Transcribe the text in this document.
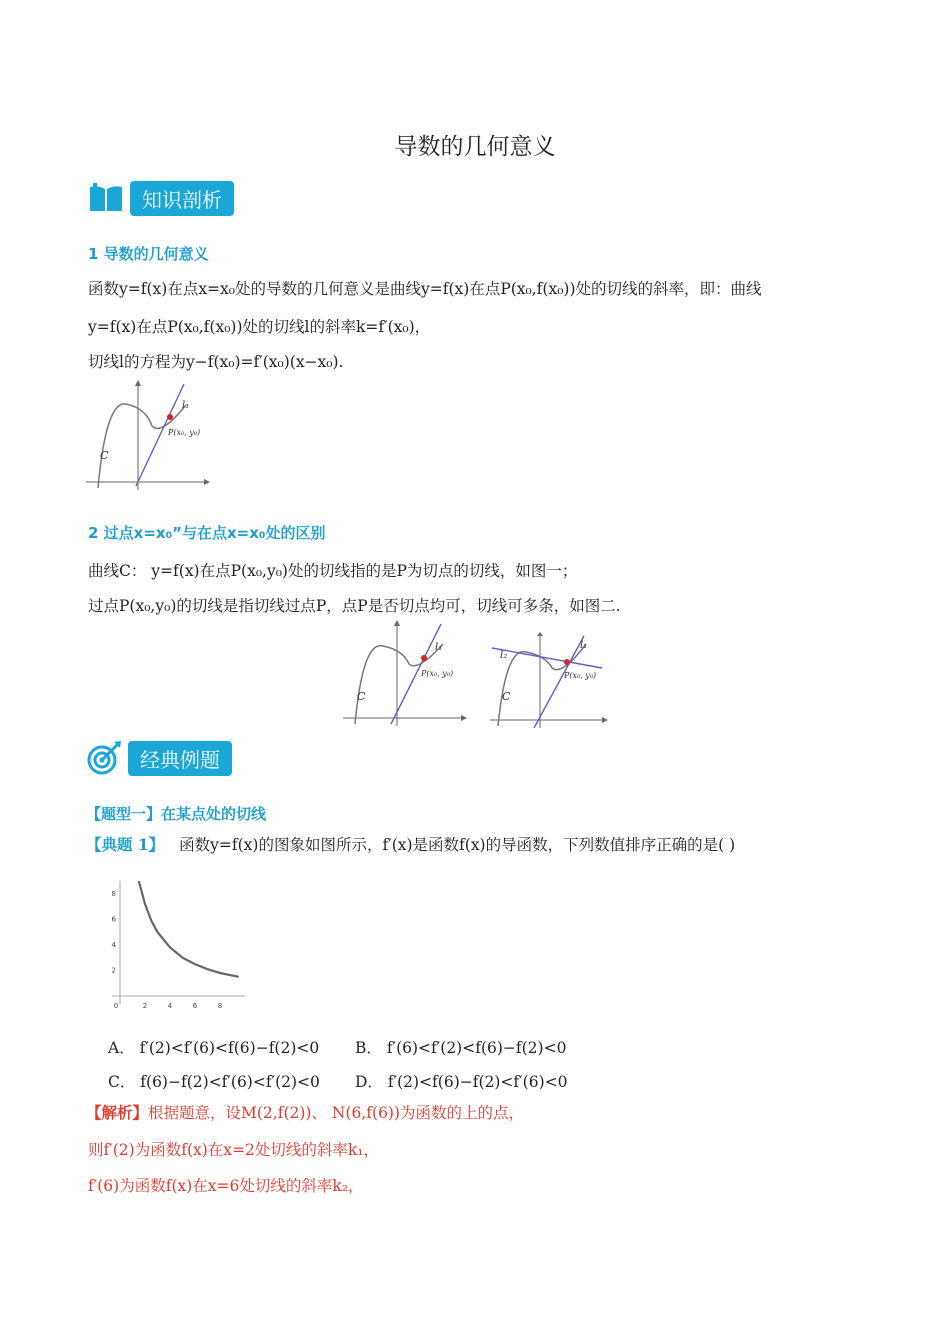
导数的几何意义
知识剖析
1 导数的几何意义
函数y=f(x)在点x=x₀处的导数的几何意义是曲线y=f(x)在点P(x₀,f(x₀))处的切线的斜率，即：曲线
y=f(x)在点P(x₀,f(x₀))处的切线l的斜率k=f′(x₀)，
切线l的方程为y−f(x₀)=f′(x₀)(x−x₀).
l₁
P(x₀, y₀)
C
2 过点x=x₀”与在点x=x₀处的区别
曲线C： y=f(x)在点P(x₀,y₀)处的切线指的是P为切点的切线，如图一；
过点P(x₀,y₀)的切线是指切线过点P，点P是否切点均可，切线可多条，如图二.
l₁
P(x₀, y₀)
C
l₁
l₂
P(x₀, y₀)
C
经典例题
【题型一】在某点处的切线
【典题 1】 函数y=f(x)的图象如图所示，f′(x)是函数f(x)的导函数，下列数值排序正确的是( )
0	2	4	6	8
2
4
6
8
A． f′(2)<f′(6)<f(6)−f(2)<0 B． f′(6)<f′(2)<f(6)−f(2)<0
C． f(6)−f(2)<f′(6)<f′(2)<0 D． f′(2)<f(6)−f(2)<f′(6)<0
【解析】根据题意，设M(2,f(2))、 N(6,f(6))为函数的上的点，
则f′(2)为函数f(x)在x=2处切线的斜率k₁，
f′(6)为函数f(x)在x=6处切线的斜率k₂，
